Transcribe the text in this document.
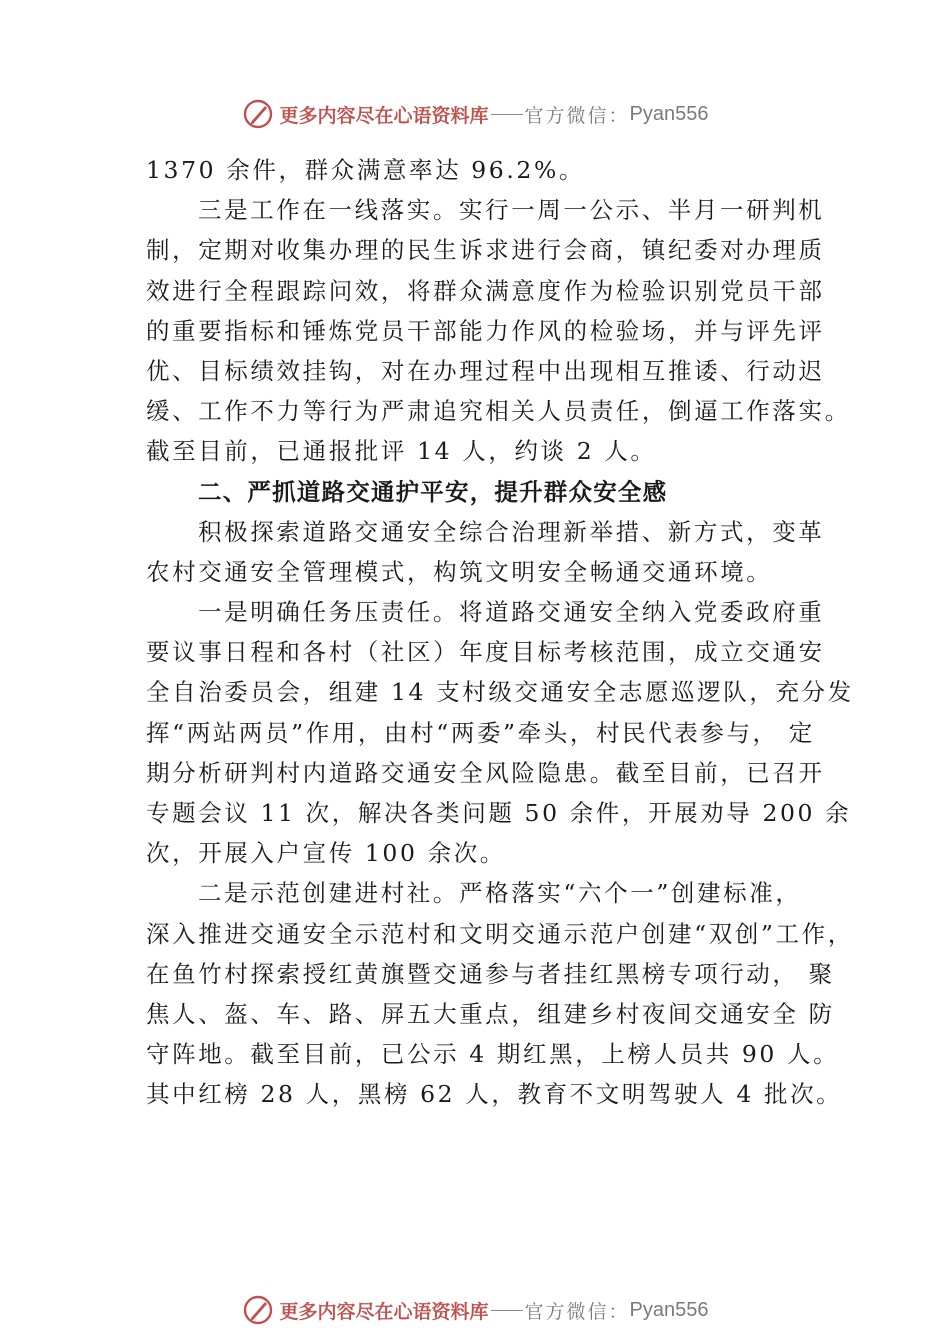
更多内容尽在心语资料库 官方微信： Pyan556
1370 余件，群众满意率达 96.2%。
三是工作在一线落实。实行一周一公示、半月一研判机
制，定期对收集办理的民生诉求进行会商，镇纪委对办理质
效进行全程跟踪问效，将群众满意度作为检验识别党员干部
的重要指标和锤炼党员干部能力作风的检验场，并与评先评
优、目标绩效挂钩，对在办理过程中出现相互推诿、行动迟
缓、工作不力等行为严肃追究相关人员责任，倒逼工作落实。
截至目前，已通报批评 14 人，约谈 2 人。
二、严抓道路交通护平安，提升群众安全感
积极探索道路交通安全综合治理新举措、新方式，变革
农村交通安全管理模式，构筑文明安全畅通交通环境。
一是明确任务压责任。将道路交通安全纳入党委政府重
要议事日程和各村（社区）年度目标考核范围，成立交通安
全自治委员会，组建 14 支村级交通安全志愿巡逻队，充分发
挥“两站两员”作用，由村“两委”牵头，村民代表参与， 定
期分析研判村内道路交通安全风险隐患。截至目前，已召开
专题会议 11 次，解决各类问题 50 余件，开展劝导 200 余
次，开展入户宣传 100 余次。
二是示范创建进村社。严格落实“六个一”创建标准，
深入推进交通安全示范村和文明交通示范户创建“双创”工作，
在鱼竹村探索授红黄旗暨交通参与者挂红黑榜专项行动， 聚
焦人、盔、车、路、屏五大重点，组建乡村夜间交通安全 防
守阵地。截至目前，已公示 4 期红黑，上榜人员共 90 人。
其中红榜 28 人，黑榜 62 人，教育不文明驾驶人 4 批次。
更多内容尽在心语资料库 官方微信： Pyan556
